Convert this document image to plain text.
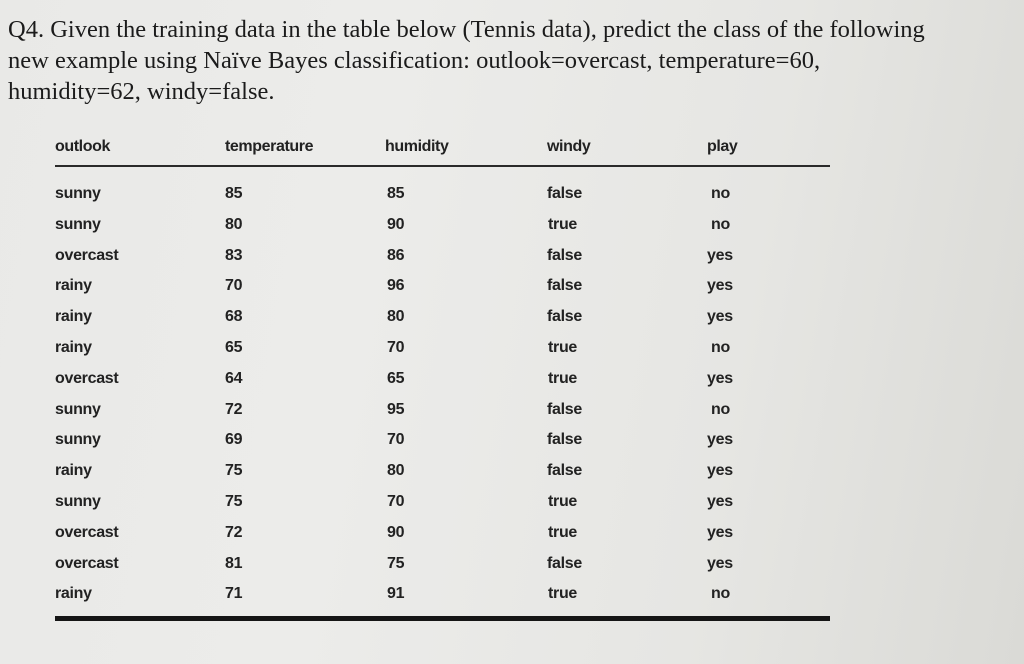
Q4. Given the training data in the table below (Tennis data), predict the class of the following
new example using Naïve Bayes classification: outlook=overcast, temperature=60,
humidity=62, windy=false.
outlook	temperature	humidity	windy	play
sunny	85	85	false	no
sunny	80	90	true	no
overcast	83	86	false	yes
rainy	70	96	false	yes
rainy	68	80	false	yes
rainy	65	70	true	no
overcast	64	65	true	yes
sunny	72	95	false	no
sunny	69	70	false	yes
rainy	75	80	false	yes
sunny	75	70	true	yes
overcast	72	90	true	yes
overcast	81	75	false	yes
rainy	71	91	true	no
